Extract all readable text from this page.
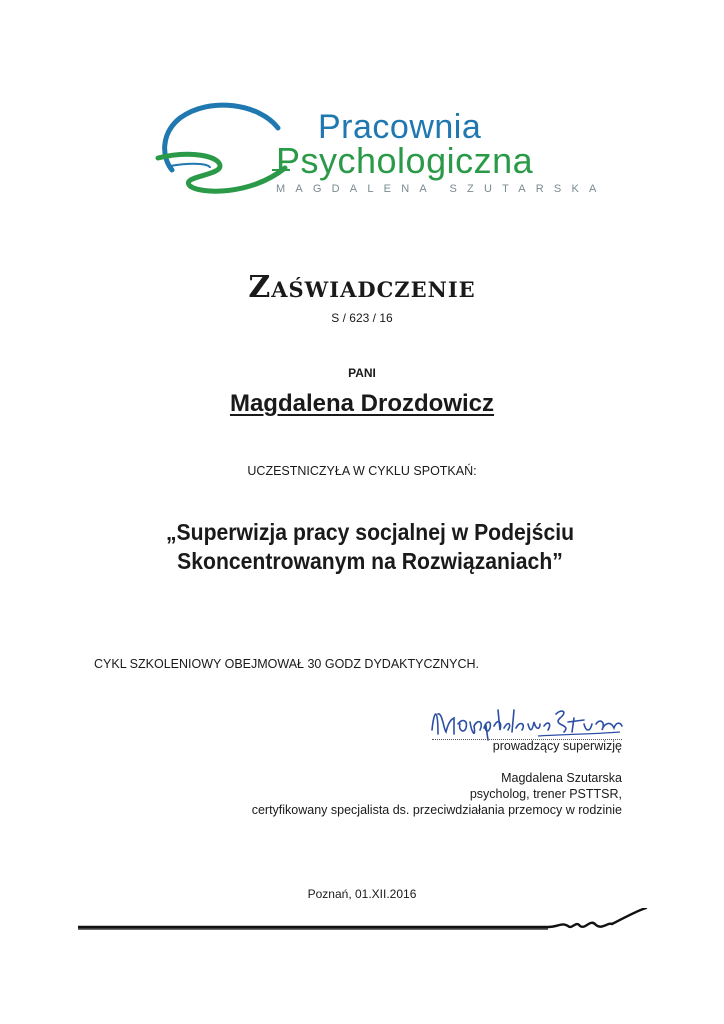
Pracownia
Psychologiczna
MAGDALENA SZUTARSKA
Zaświadczenie
S / 623 / 16
PANI
Magdalena Drozdowicz
UCZESTNICZYŁA W CYKLU SPOTKAŃ:
„Superwizja pracy socjalnej w Podejściu
Skoncentrowanym na Rozwiązaniach”
CYKL SZKOLENIOWY OBEJMOWAŁ 30 GODZ DYDAKTYCZNYCH.
prowadzący superwizję
Magdalena Szutarska
psycholog, trener PSTTSR,
certyfikowany specjalista ds. przeciwdziałania przemocy w rodzinie
Poznań, 01.XII.2016
